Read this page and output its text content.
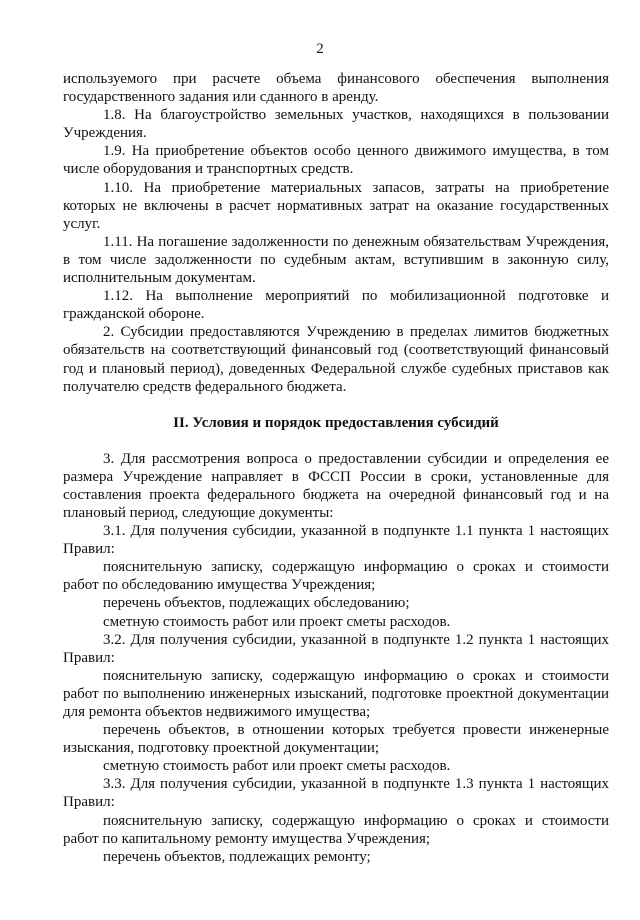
2

используемого при расчете объема финансового обеспечения выполнения государственного задания или сданного в аренду.

1.8. На благоустройство земельных участков, находящихся в пользовании Учреждения.

1.9. На приобретение объектов особо ценного движимого имущества, в том числе оборудования и транспортных средств.

1.10. На приобретение материальных запасов, затраты на приобретение которых не включены в расчет нормативных затрат на оказание государственных услуг.

1.11. На погашение задолженности по денежным обязательствам Учреждения, в том числе задолженности по судебным актам, вступившим в законную силу, исполнительным документам.

1.12. На выполнение мероприятий по мобилизационной подготовке и гражданской обороне.

2. Субсидии предоставляются Учреждению в пределах лимитов бюджетных обязательств на соответствующий финансовый год (соответствующий финансовый год и плановый период), доведенных Федеральной службе судебных приставов как получателю средств федерального бюджета.

II. Условия и порядок предоставления субсидий

3. Для рассмотрения вопроса о предоставлении субсидии и определения ее размера Учреждение направляет в ФССП России в сроки, установленные для составления проекта федерального бюджета на очередной финансовый год и на плановый период, следующие документы:

3.1. Для получения субсидии, указанной в подпункте 1.1 пункта 1 настоящих Правил:

пояснительную записку, содержащую информацию о сроках и стоимости работ по обследованию имущества Учреждения;

перечень объектов, подлежащих обследованию;

сметную стоимость работ или проект сметы расходов.

3.2. Для получения субсидии, указанной в подпункте 1.2 пункта 1 настоящих Правил:

пояснительную записку, содержащую информацию о сроках и стоимости работ по выполнению инженерных изысканий, подготовке проектной документации для ремонта объектов недвижимого имущества;

перечень объектов, в отношении которых требуется провести инженерные изыскания, подготовку проектной документации;

сметную стоимость работ или проект сметы расходов.

3.3. Для получения субсидии, указанной в подпункте 1.3 пункта 1 настоящих Правил:

пояснительную записку, содержащую информацию о сроках и стоимости работ по капитальному ремонту имущества Учреждения;

перечень объектов, подлежащих ремонту;
